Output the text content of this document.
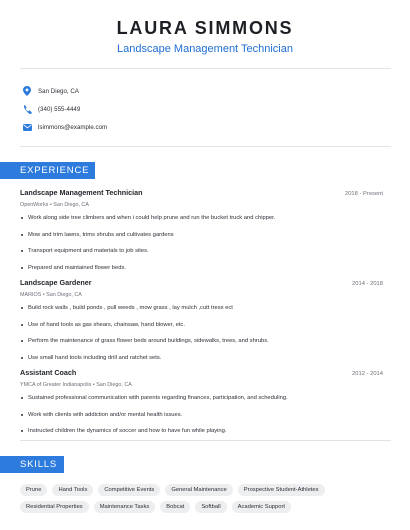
LAURA SIMMONS
Landscape Management Technician
San Diego, CA
(340) 555-4449
lsimmons@example.com
EXPERIENCE
Landscape Management Technician	2018 - Present
OpenWorks • San Diego, CA
Work along side tree climbers and when i could help prune and run the bucket truck and chipper.
Mow and trim lawns, trims shrubs and cultivates gardens
Transport equipment and materials to job sites.
Prepared and maintained flower beds.
Landscape Gardener	2014 - 2018
MARIOS • San Diego, CA
Build rock walls , build ponds , pull weeds , mow grass , lay mulch ,cutt tress ect
Use of hand tools as gas shears, chainsaw, hand blower, etc.
Perform the maintenance of grass flower beds around buildings, sidewalks, trees, and shrubs.
Use small hand tools including drill and ratchet sets.
Assistant Coach	2012 - 2014
YMCA of Greater Indianapolis • San Diego, CA
Sustained professional communication with parents regarding finances, participation, and scheduling.
Work with clients with addiction and/or mental health issues.
Instructed children the dynamics of soccer and how to have fun while playing.
SKILLS
Prune	Hand Tools	Competitive Events	General Maintenance	Prospective Student-Athletes
Residential Properties	Maintenance Tasks	Bobcat	Softball	Academic Support
